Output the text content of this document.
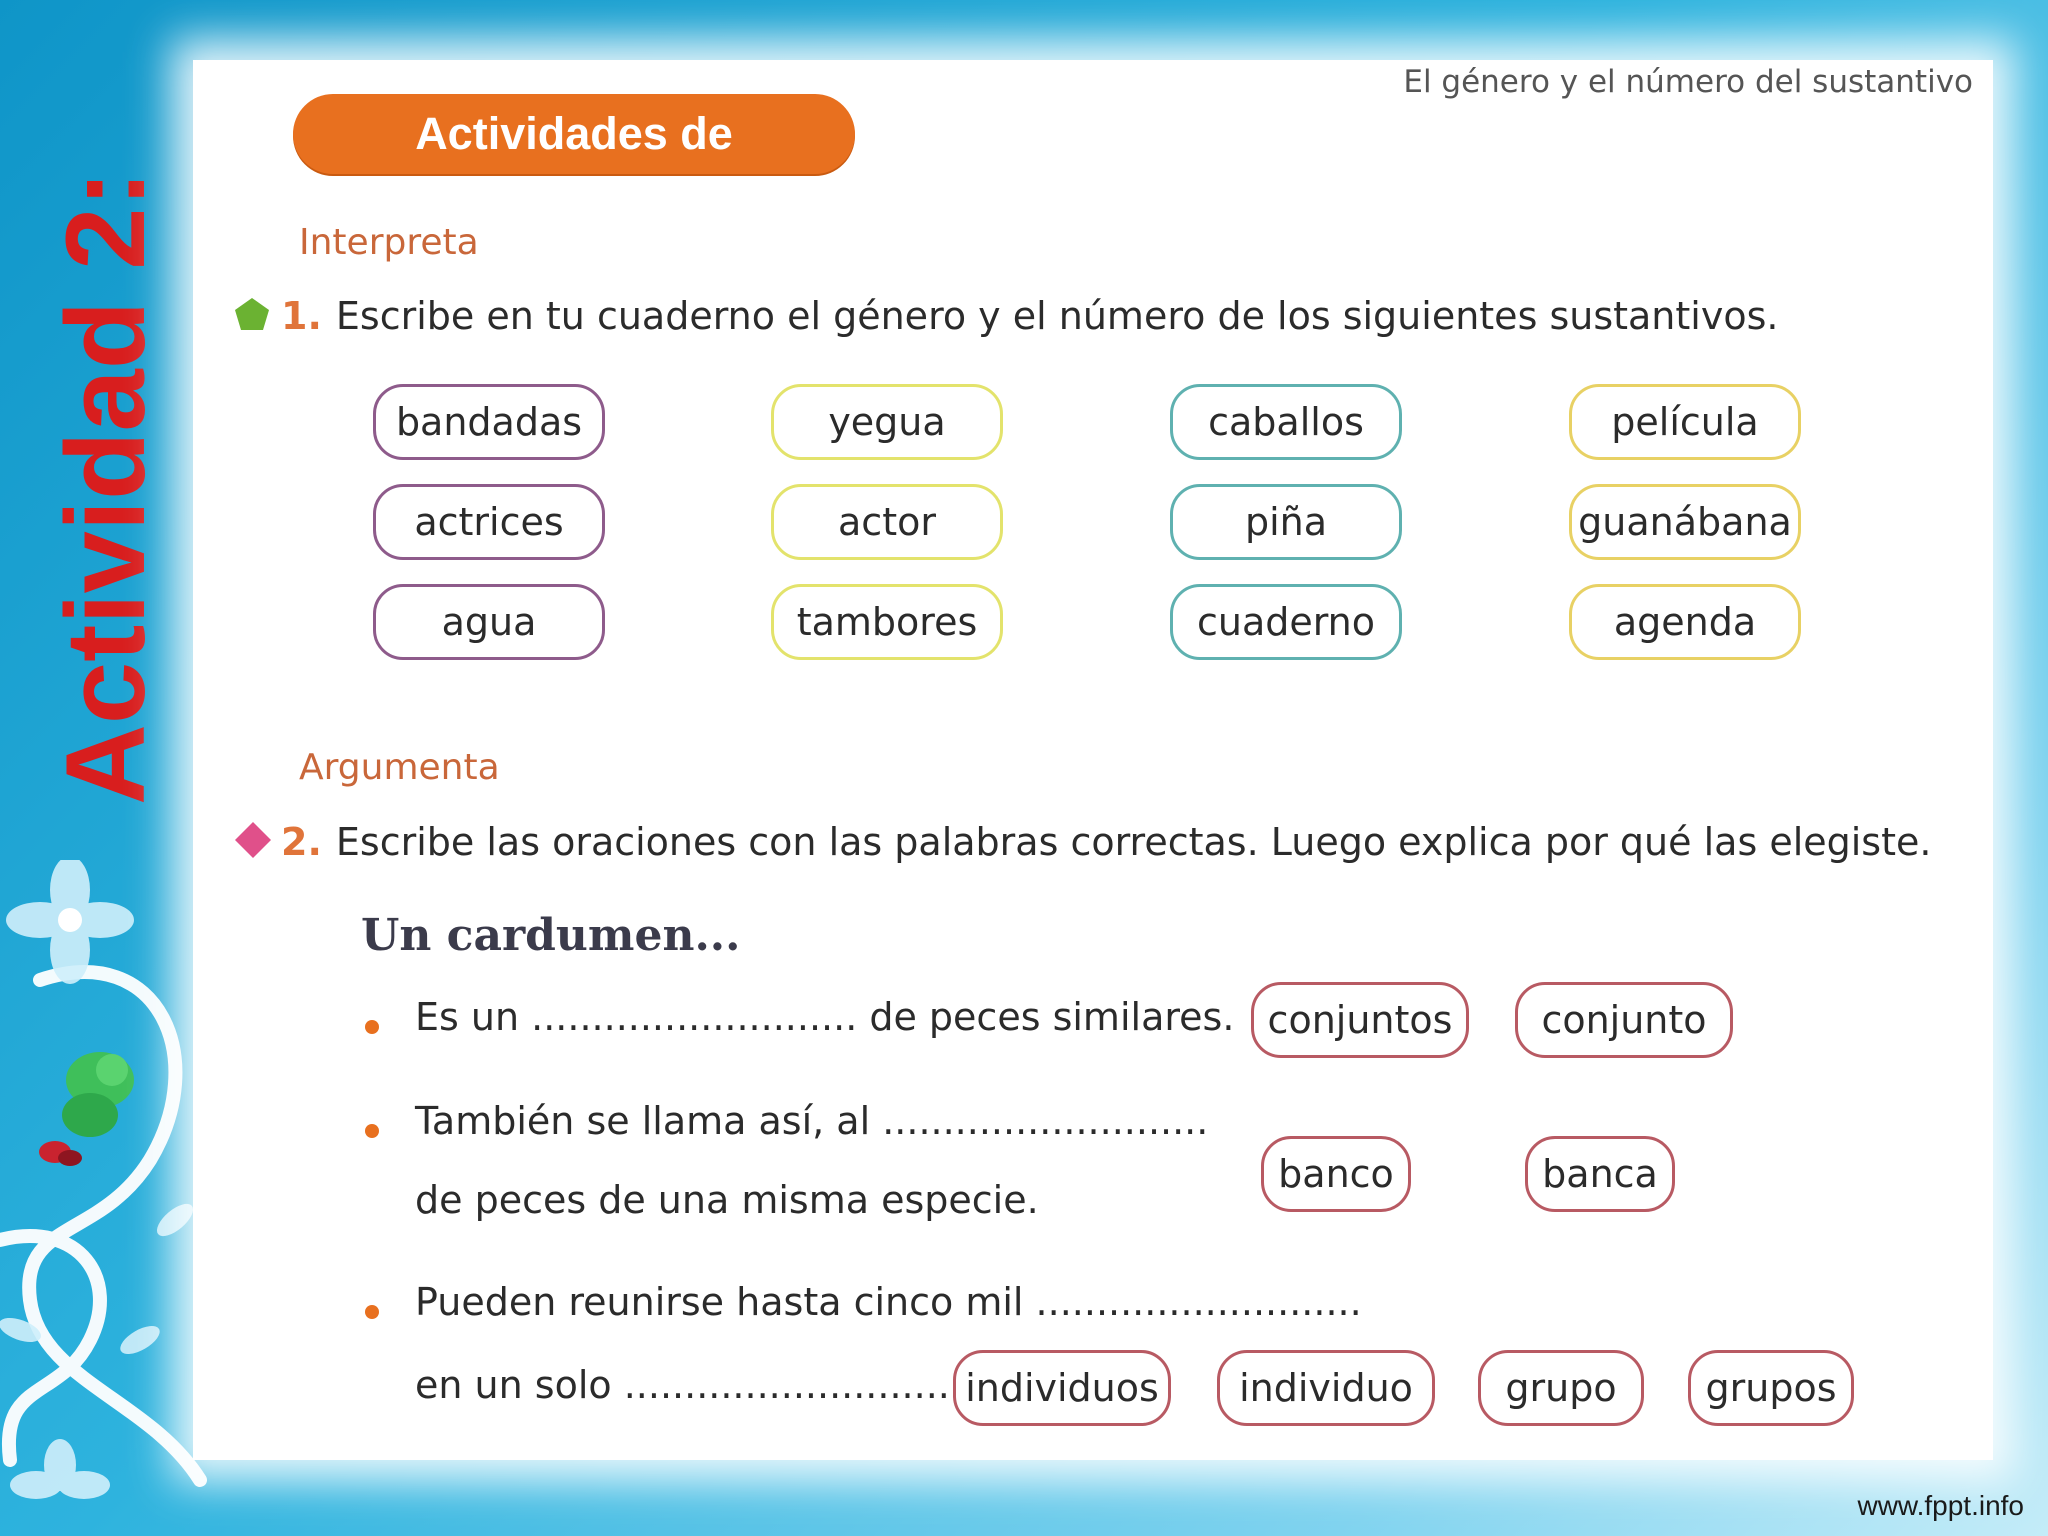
Actividad 2:
El género y el número del sustantivo
Actividades de aprendizaje
Interpreta
1. Escribe en tu cuaderno el género y el número de los siguientes sustantivos.
bandadas	yegua	caballos	película
actrices	actor	piña	guanábana
agua	tambores	cuaderno	agenda
Argumenta
2. Escribe las oraciones con las palabras correctas. Luego explica por qué las elegiste.
Un cardumen...
Es un ........................... de peces similares. conjuntos	conjunto
También se llama así, al ...........................
de peces de una misma especie.
banco	banca
Pueden reunirse hasta cinco mil ...........................
en un solo ........................... individuos	individuo	grupo	grupos
www.fppt.info
